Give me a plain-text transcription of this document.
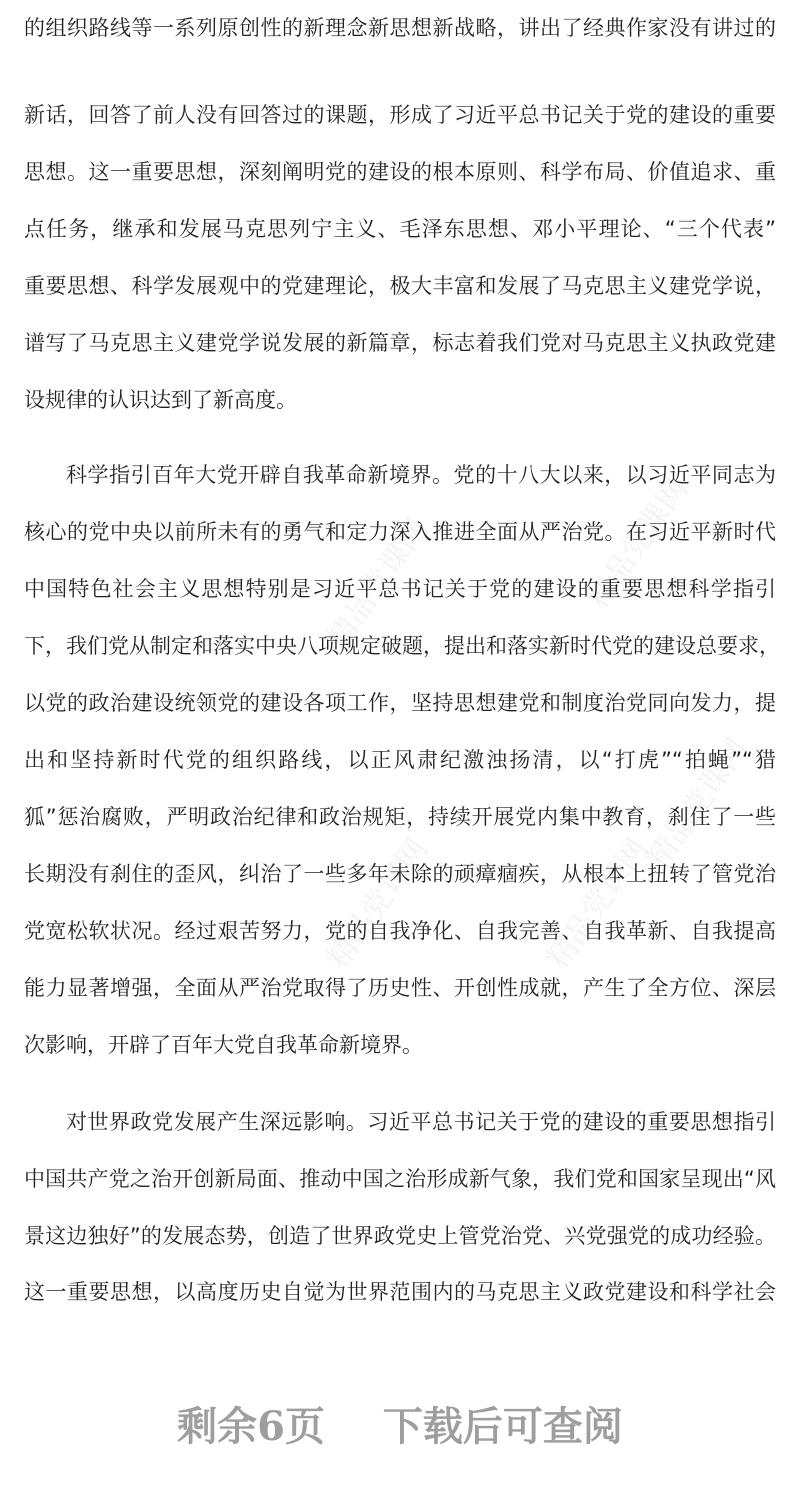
的组织路线等一系列原创性的新理念新思想新战略，讲出了经典作家没有讲过的
新话，回答了前人没有回答过的课题，形成了习近平总书记关于党的建设的重要
思想。这一重要思想，深刻阐明党的建设的根本原则、科学布局、价值追求、重
点任务，继承和发展马克思列宁主义、毛泽东思想、邓小平理论、“三个代表”
重要思想、科学发展观中的党建理论，极大丰富和发展了马克思主义建党学说，
谱写了马克思主义建党学说发展的新篇章，标志着我们党对马克思主义执政党建
设规律的认识达到了新高度。
科学指引百年大党开辟自我革命新境界。党的十八大以来，以习近平同志为
核心的党中央以前所未有的勇气和定力深入推进全面从严治党。在习近平新时代
中国特色社会主义思想特别是习近平总书记关于党的建设的重要思想科学指引
下，我们党从制定和落实中央八项规定破题，提出和落实新时代党的建设总要求，
以党的政治建设统领党的建设各项工作，坚持思想建党和制度治党同向发力，提
出和坚持新时代党的组织路线，以正风肃纪激浊扬清，以“打虎”“拍蝇”“猎
狐”惩治腐败，严明政治纪律和政治规矩，持续开展党内集中教育，刹住了一些
长期没有刹住的歪风，纠治了一些多年未除的顽瘴痼疾，从根本上扭转了管党治
党宽松软状况。经过艰苦努力，党的自我净化、自我完善、自我革新、自我提高
能力显著增强，全面从严治党取得了历史性、开创性成就，产生了全方位、深层
次影响，开辟了百年大党自我革命新境界。
对世界政党发展产生深远影响。习近平总书记关于党的建设的重要思想指引
中国共产党之治开创新局面、推动中国之治形成新气象，我们党和国家呈现出“风
景这边独好”的发展态势，创造了世界政党史上管党治党、兴党强党的成功经验。
这一重要思想，以高度历史自觉为世界范围内的马克思主义政党建设和科学社会
精品党课网	精品党课网
精品党课网
精品党课网	精品党课网
剩余6页 下载后可查阅
